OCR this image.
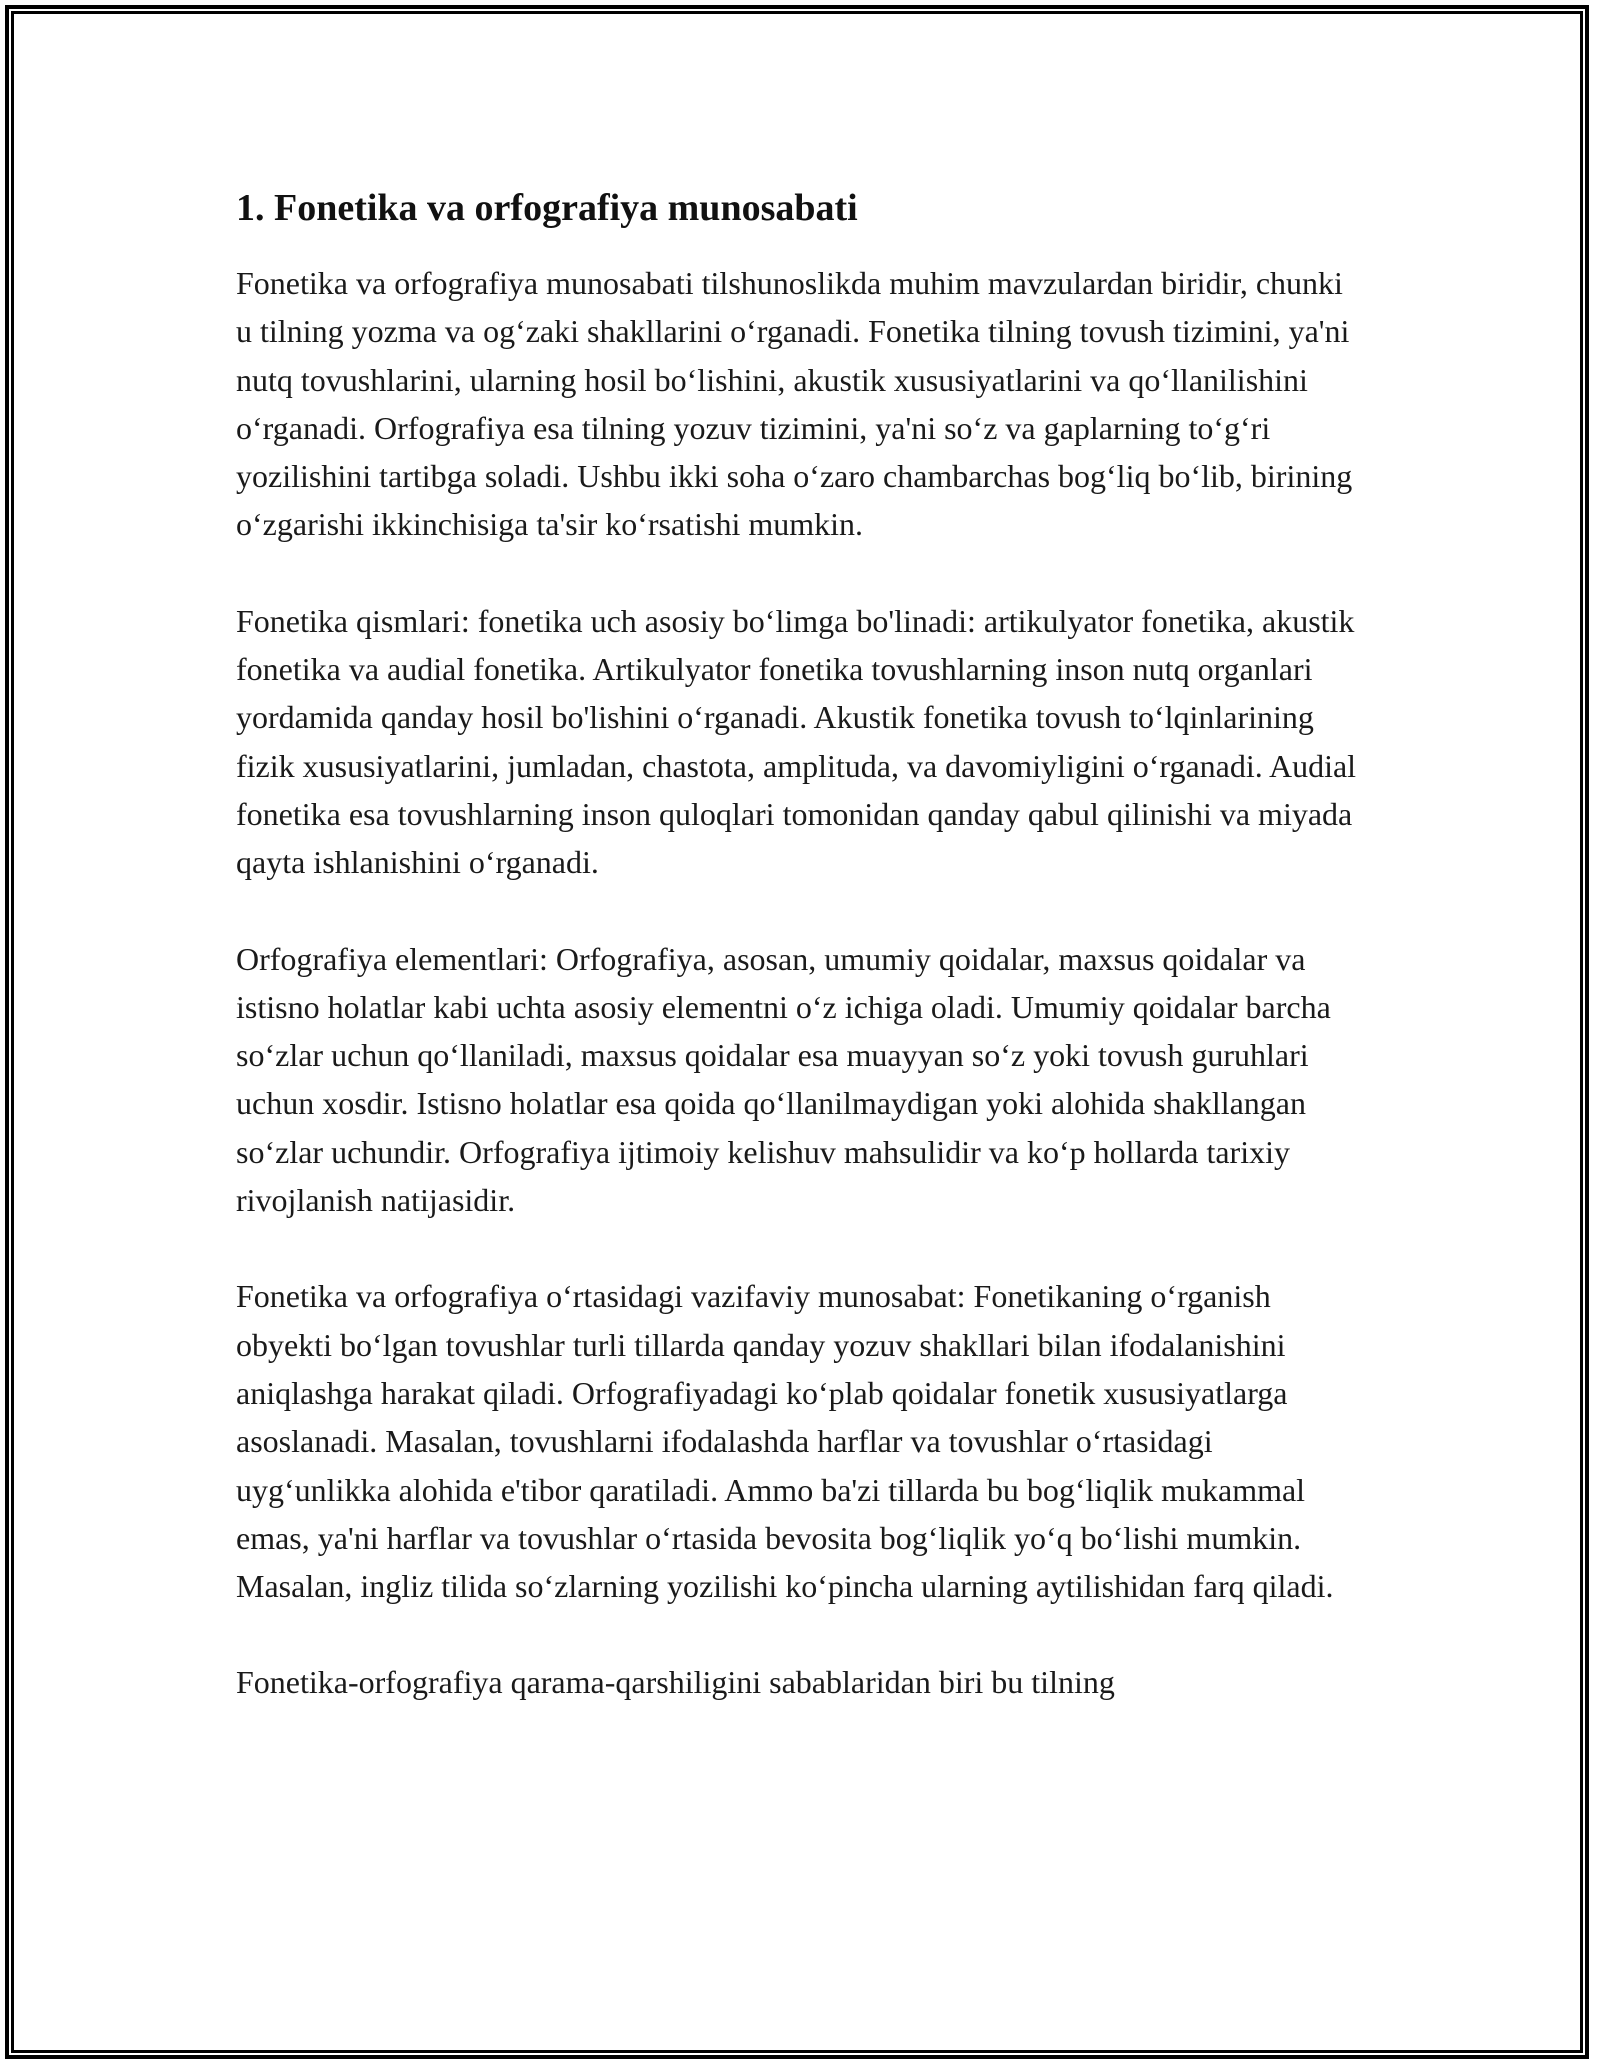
1. Fonetika va orfografiya munosabati

Fonetika va orfografiya munosabati tilshunoslikda muhim mavzulardan biridir, chunki u tilning yozma va og‘zaki shakllarini o‘rganadi. Fonetika tilning tovush tizimini, ya'ni nutq tovushlarini, ularning hosil bo‘lishini, akustik xususiyatlarini va qo‘llanilishini o‘rganadi. Orfografiya esa tilning yozuv tizimini, ya'ni so‘z va gaplarning to‘g‘ri yozilishini tartibga soladi. Ushbu ikki soha o‘zaro chambarchas bog‘liq bo‘lib, birining o‘zgarishi ikkinchisiga ta'sir ko‘rsatishi mumkin.

Fonetika qismlari: fonetika uch asosiy bo‘limga bo'linadi: artikulyator fonetika, akustik fonetika va audial fonetika. Artikulyator fonetika tovushlarning inson nutq organlari yordamida qanday hosil bo'lishini o‘rganadi. Akustik fonetika tovush to‘lqinlarining fizik xususiyatlarini, jumladan, chastota, amplituda, va davomiyligini o‘rganadi. Audial fonetika esa tovushlarning inson quloqlari tomonidan qanday qabul qilinishi va miyada qayta ishlanishini o‘rganadi.

Orfografiya elementlari: Orfografiya, asosan, umumiy qoidalar, maxsus qoidalar va istisno holatlar kabi uchta asosiy elementni o‘z ichiga oladi. Umumiy qoidalar barcha so‘zlar uchun qo‘llaniladi, maxsus qoidalar esa muayyan so‘z yoki tovush guruhlari uchun xosdir. Istisno holatlar esa qoida qo‘llanilmaydigan yoki alohida shakllangan so‘zlar uchundir. Orfografiya ijtimoiy kelishuv mahsulidir va ko‘p hollarda tarixiy rivojlanish natijasidir.

Fonetika va orfografiya o‘rtasidagi vazifaviy munosabat: Fonetikaning o‘rganish obyekti bo‘lgan tovushlar turli tillarda qanday yozuv shakllari bilan ifodalanishini aniqlashga harakat qiladi. Orfografiyadagi ko‘plab qoidalar fonetik xususiyatlarga asoslanadi. Masalan, tovushlarni ifodalashda harflar va tovushlar o‘rtasidagi uyg‘unlikka alohida e'tibor qaratiladi. Ammo ba'zi tillarda bu bog‘liqlik mukammal emas, ya'ni harflar va tovushlar o‘rtasida bevosita bog‘liqlik yo‘q bo‘lishi mumkin. Masalan, ingliz tilida so‘zlarning yozilishi ko‘pincha ularning aytilishidan farq qiladi.

Fonetika-orfografiya qarama-qarshiligini sabablaridan biri bu tilning
